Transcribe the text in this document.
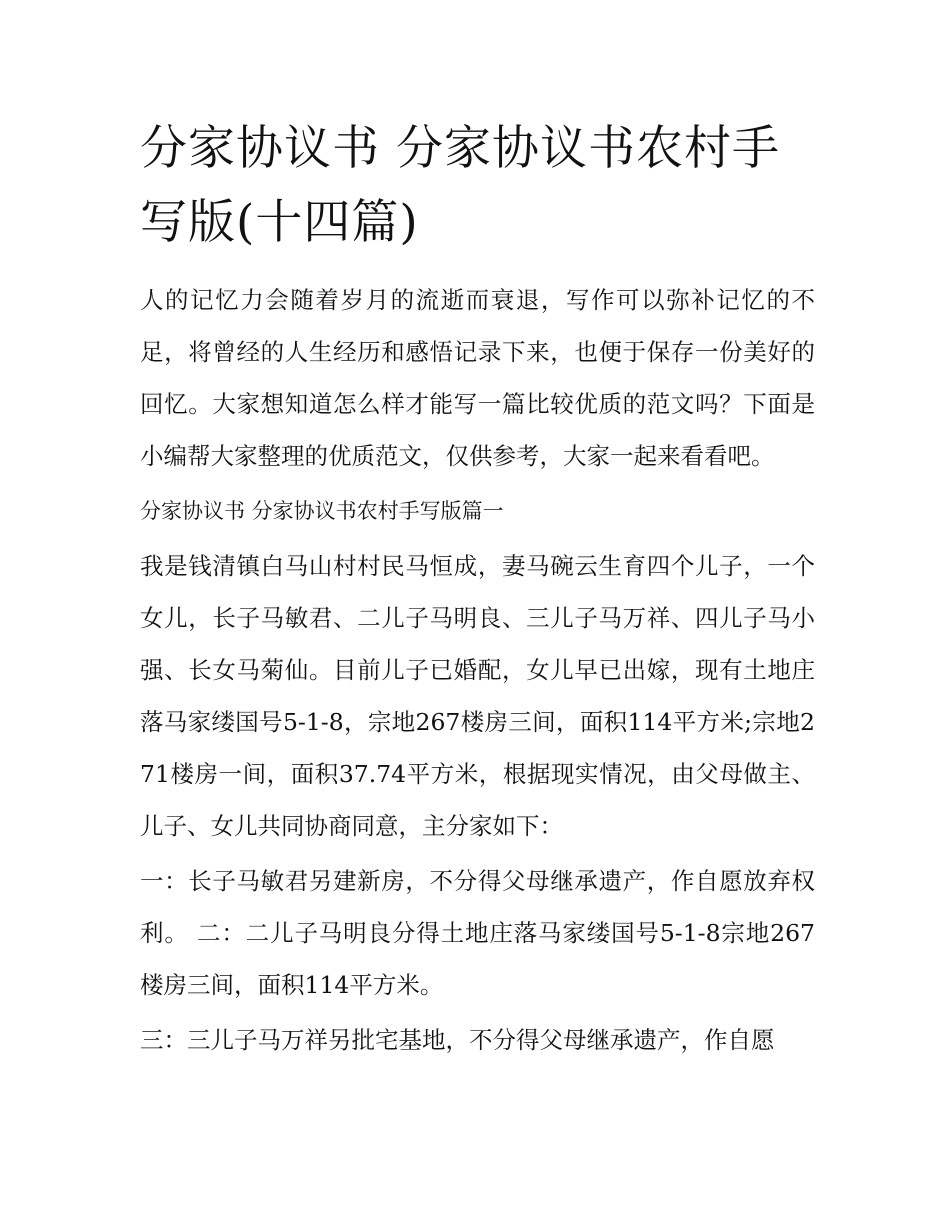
分家协议书 分家协议书农村手写版(十四篇)

人的记忆力会随着岁月的流逝而衰退，写作可以弥补记忆的不足，将曾经的人生经历和感悟记录下来，也便于保存一份美好的回忆。大家想知道怎么样才能写一篇比较优质的范文吗？下面是小编帮大家整理的优质范文，仅供参考，大家一起来看看吧。

分家协议书 分家协议书农村手写版篇一

我是钱清镇白马山村村民马恒成，妻马碗云生育四个儿子，一个女儿，长子马敏君、二儿子马明良、三儿子马万祥、四儿子马小强、长女马菊仙。目前儿子已婚配，女儿早已出嫁，现有土地庄落马家缕国号5-1-8，宗地267楼房三间，面积114平方米;宗地271楼房一间，面积37.74平方米，根据现实情况，由父母做主、儿子、女儿共同协商同意，主分家如下：

一：长子马敏君另建新房，不分得父母继承遗产，作自愿放弃权利。 二：二儿子马明良分得土地庄落马家缕国号5-1-8宗地267楼房三间，面积114平方米。

三：三儿子马万祥另批宅基地，不分得父母继承遗产，作自愿
